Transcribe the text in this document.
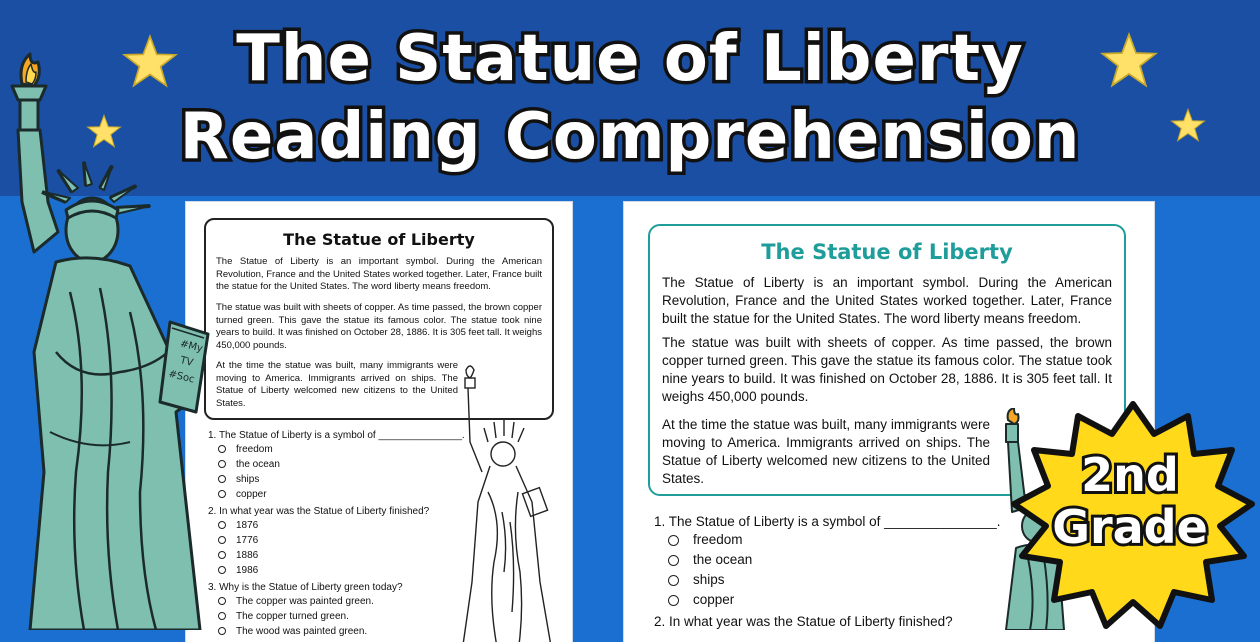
The Statue of Liberty
Reading Comprehension
The Statue of Liberty
The Statue of Liberty is an important symbol. During the American Revolution, France and the United States worked together. Later, France built the statue for the United States. The word liberty means freedom.
The statue was built with sheets of copper. As time passed, the brown copper turned green. This gave the statue its famous color. The statue took nine years to build. It was finished on October 28, 1886. It is 305 feet tall. It weighs 450,000 pounds.
At the time the statue was built, many immigrants were moving to America. Immigrants arrived on ships. The Statue of Liberty welcomed new citizens to the United States.
1. The Statue of Liberty is a symbol of _______________.
freedom
the ocean
ships
copper
2. In what year was the Statue of Liberty finished?
1876
1776
1886
1986
3. Why is the Statue of Liberty green today?
The copper was painted green.
The copper turned green.
The wood was painted green.
The Statue of Liberty
The Statue of Liberty is an important symbol. During the American Revolution, France and the United States worked together. Later, France built the statue for the United States. The word liberty means freedom.
The statue was built with sheets of copper. As time passed, the brown copper turned green. This gave the statue its famous color. The statue took nine years to build. It was finished on October 28, 1886. It is 305 feet tall. It weighs 450,000 pounds.
At the time the statue was built, many immigrants were moving to America. Immigrants arrived on ships. The Statue of Liberty welcomed new citizens to the United States.
1. The Statue of Liberty is a symbol of _______________.
freedom
the ocean
ships
copper
2. In what year was the Statue of Liberty finished?
#My
TV
#Soc
2nd
Grade
